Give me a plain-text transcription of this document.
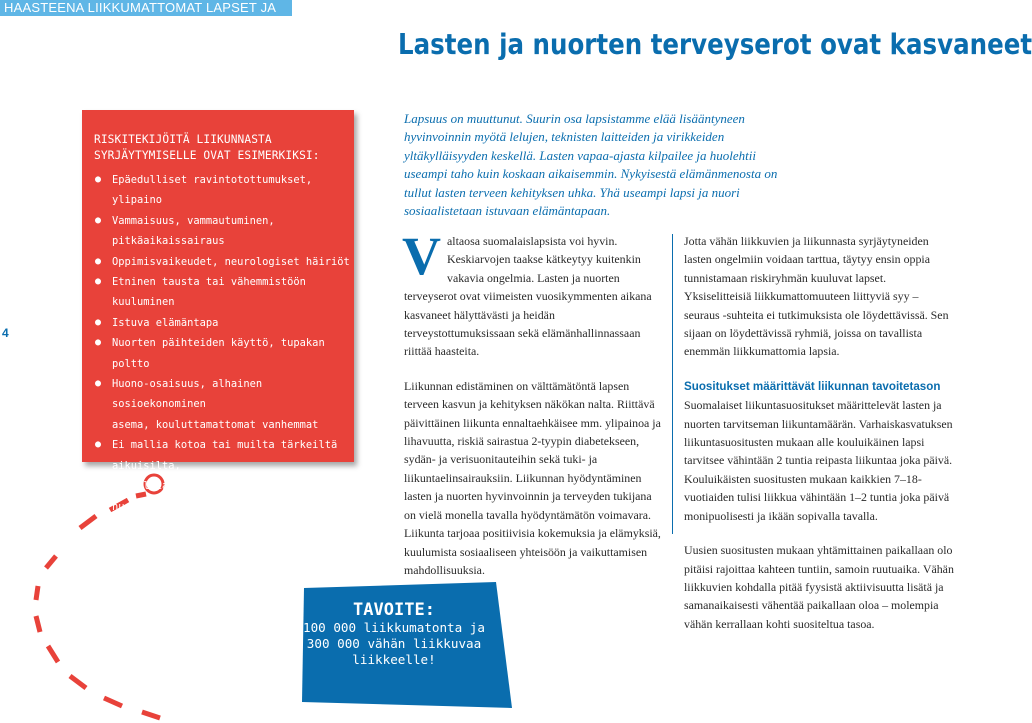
HAASTEENA LIIKKUMATTOMAT LAPSET JA NUORET
Lasten ja nuorten terveyserot ovat kasvaneet
4
RISKITEKIJÖITÄ LIIKUNNASTA
SYRJÄYTYMISELLE OVAT ESIMERKIKSI:
● Epäedulliset ravintotottumukset, ylipaino
● Vammaisuus, vammautuminen,
pitkäaikaissairaus
● Oppimisvaikeudet, neurologiset häiriöt
● Etninen tausta tai vähemmistöön kuuluminen
● Istuva elämäntapa
● Nuorten päihteiden käyttö, tupakan poltto
● Huono-osaisuus, alhainen sosioekonominen
asema, kouluttamattomat vanhemmat
● Ei mallia kotoa tai muilta tärkeiltä aikuisilta,
ei mallia toisilta lapsilta tai nuorilta
● Syrjäseudulla asuminen
● Puutteelliset liikuntapaikat
TAVOITE:
100 000 liikkumatonta ja
300 000 vähän liikkuvaa
liikkeelle!
Lapsuus on muuttunut. Suurin osa lapsistamme elää lisääntyneen hyvinvoinnin myötä lelujen, teknisten laitteiden ja virikkeiden yltäkylläisyyden keskellä. Lasten vapaa-ajasta kilpailee ja huolehtii useampi taho kuin koskaan aikaisemmin. Nykyisestä elämänmenosta on tullut lasten terveen kehityksen uhka. Yhä useampi lapsi ja nuori sosiaalistetaan istuvaan elämäntapaan.

Valtaosa suomalaislapsista voi hyvin. Keskiarvojen taakse kätkeytyy kuitenkin vakavia ongelmia. Lasten ja nuorten terveyserot ovat viimeisten vuosikymmenten aikana kasvaneet hälyttävästi ja heidän terveystottumuksissaan sekä elämänhallinnassaan riittää haasteita.

Liikunnan edistäminen on välttämätöntä lapsen terveen kasvun ja kehityksen näkökan nalta. Riittävä päivittäinen liikunta ennaltaehkäisee mm. ylipainoa ja lihavuutta, riskiä sairastua 2-tyypin diabetekseen, sydän- ja verisuonitauteihin sekä tuki- ja liikuntaelinsairauksiin. Liikunnan hyödyntäminen lasten ja nuorten hyvinvoinnin ja terveyden tukijana on vielä monella tavalla hyödyntämätön voimavara. Liikunta tarjoaa positiivisia kokemuksia ja elämyksiä, kuulumista sosiaaliseen yhteisöön ja vaikuttamisen mahdollisuuksia.

Jotta vähän liikkuvien ja liikunnasta syrjäytyneiden lasten ongelmiin voidaan tarttua, täytyy ensin oppia tunnistamaan riskiryhmän kuuluvat lapset. Yksiselitteisiä liikkumattomuuteen liittyviä syy – seuraus -suhteita ei tutkimuksista ole löydettävissä. Sen sijaan on löydettävissä ryhmiä, joissa on tavallista enemmän liikkumattomia lapsia.

Suositukset määrittävät liikunnan tavoitetason
Suomalaiset liikuntasuositukset määrittelevät lasten ja nuorten tarvitseman liikuntamäärän. Varhaiskasvatuksen liikuntasuositusten mukaan alle kouluikäinen lapsi tarvitsee vähintään 2 tuntia reipasta liikuntaa joka päivä. Kouluikäisten suositusten mukaan kaikkien 7–18-vuotiaiden tulisi liikkua vähintään 1–2 tuntia joka päivä monipuolisesti ja ikään sopivalla tavalla.

Uusien suositusten mukaan yhtämittainen paikallaan olo pitäisi rajoittaa kahteen tuntiin, samoin ruutuaika. Vähän liikkuvien kohdalla pitää fyysistä aktiivisuutta lisätä ja samanaikaisesti vähentää paikallaan oloa – molempia vähän kerrallaan kohti suositeltua tasoa.
